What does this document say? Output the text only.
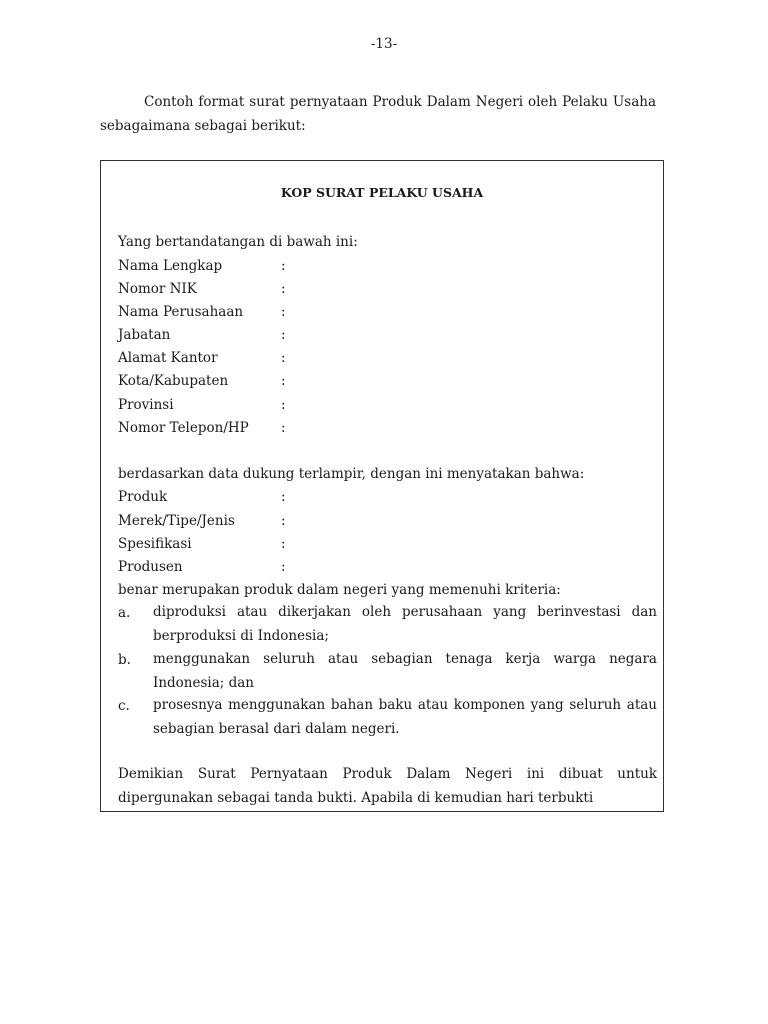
-13-
Contoh format surat pernyataan Produk Dalam Negeri oleh Pelaku Usaha sebagaimana sebagai berikut:
KOP SURAT PELAKU USAHA
Yang bertandatangan di bawah ini:
Nama Lengkap	:
Nomor NIK	:
Nama Perusahaan	:
Jabatan	:
Alamat Kantor	:
Kota/Kabupaten	:
Provinsi	:
Nomor Telepon/HP :
berdasarkan data dukung terlampir, dengan ini menyatakan bahwa:
Produk	:
Merek/Tipe/Jenis	:
Spesifikasi	:
Produsen	:
benar merupakan produk dalam negeri yang memenuhi kriteria:
a. diproduksi atau dikerjakan oleh perusahaan yang berinvestasi dan berproduksi di Indonesia;
b. menggunakan seluruh atau sebagian tenaga kerja warga negara Indonesia; dan
c. prosesnya menggunakan bahan baku atau komponen yang seluruh atau sebagian berasal dari dalam negeri.
Demikian Surat Pernyataan Produk Dalam Negeri ini dibuat untuk dipergunakan sebagai tanda bukti. Apabila di kemudian hari terbukti
